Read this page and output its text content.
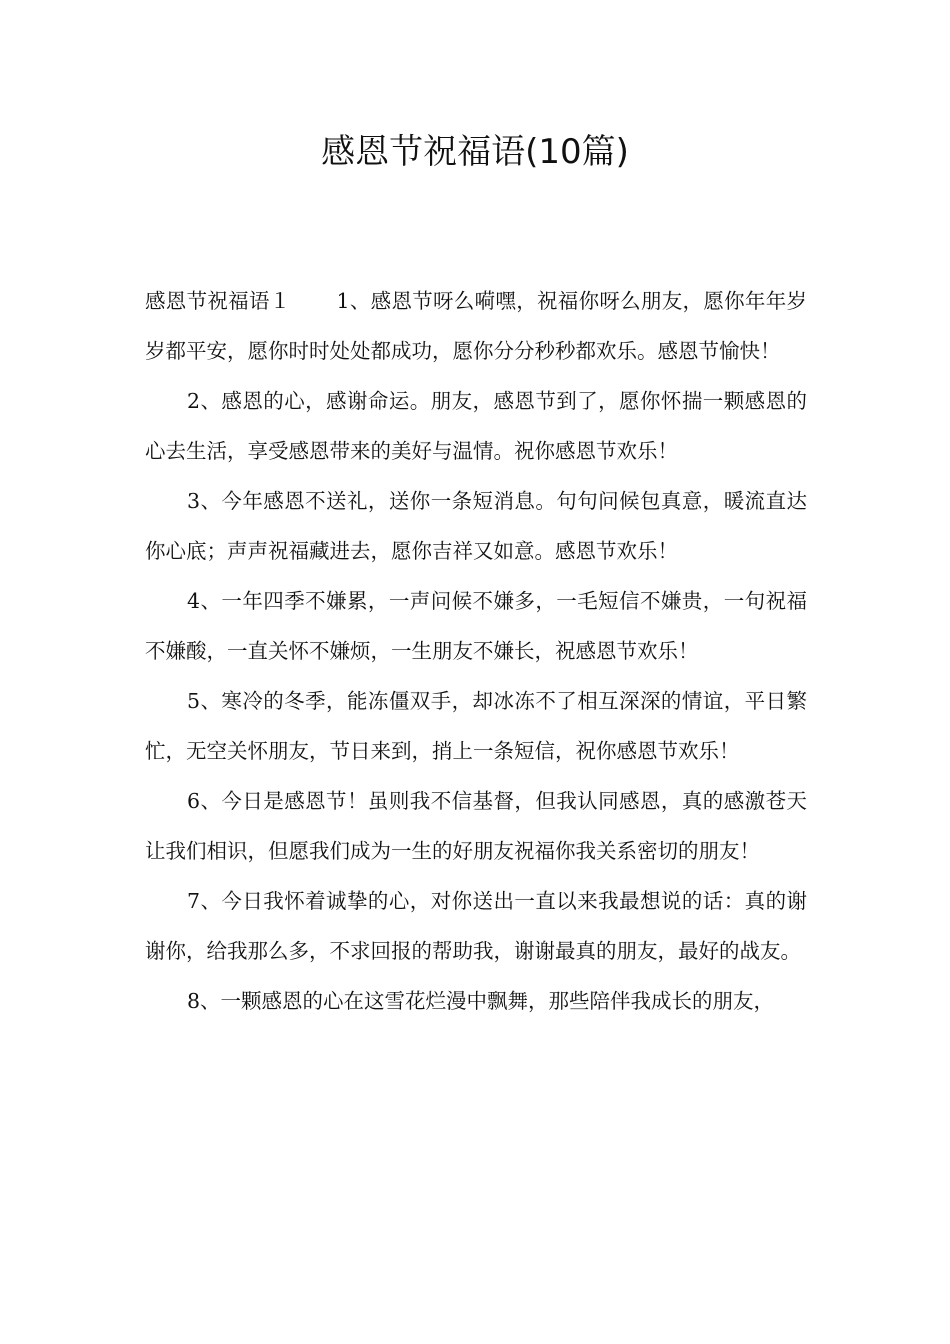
感恩节祝福语(10篇)

感恩节祝福语１ 1、感恩节呀么嗬嘿，祝福你呀么朋友，愿你年年岁岁都平安，愿你时时处处都成功，愿你分分秒秒都欢乐。感恩节愉快！

2、感恩的心，感谢命运。朋友，感恩节到了，愿你怀揣一颗感恩的心去生活，享受感恩带来的美好与温情。祝你感恩节欢乐！

3、今年感恩不送礼，送你一条短消息。句句问候包真意，暖流直达你心底；声声祝福藏进去，愿你吉祥又如意。感恩节欢乐！

4、一年四季不嫌累，一声问候不嫌多，一毛短信不嫌贵，一句祝福不嫌酸，一直关怀不嫌烦，一生朋友不嫌长，祝感恩节欢乐！

5、寒冷的冬季，能冻僵双手，却冰冻不了相互深深的情谊，平日繁忙，无空关怀朋友，节日来到，捎上一条短信，祝你感恩节欢乐！

6、今日是感恩节！虽则我不信基督，但我认同感恩，真的感激苍天让我们相识，但愿我们成为一生的好朋友祝福你我关系密切的朋友！

7、今日我怀着诚挚的心，对你送出一直以来我最想说的话：真的谢谢你，给我那么多，不求回报的帮助我，谢谢最真的朋友，最好的战友。

8、一颗感恩的心在这雪花烂漫中飘舞，那些陪伴我成长的朋友，
